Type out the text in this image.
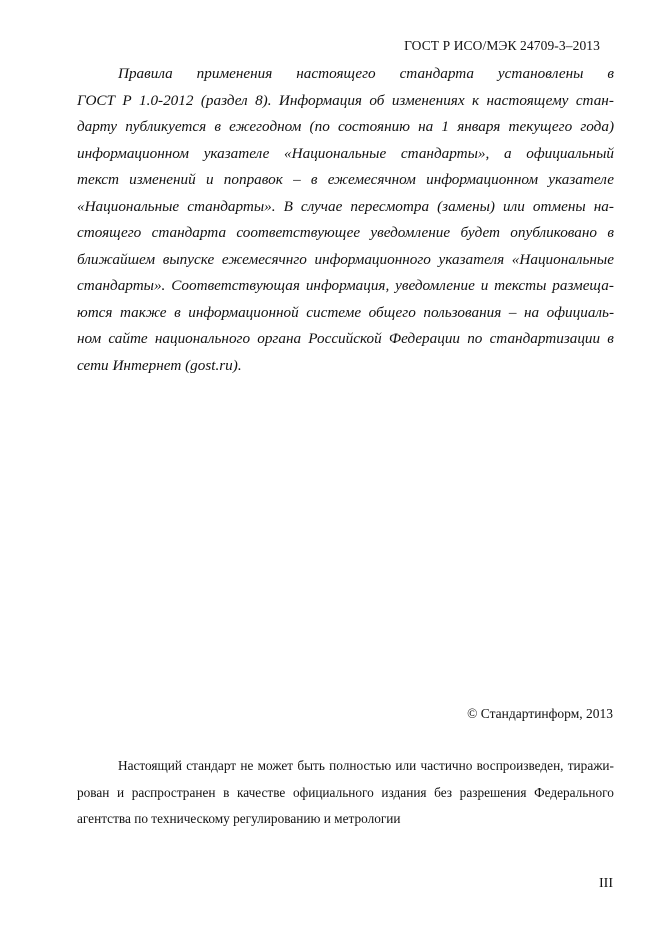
ГОСТ Р ИСО/МЭК 24709-3–2013
Правила применения настоящего стандарта установлены в
ГОСТ Р 1.0-2012 (раздел 8). Информация об изменениях к настоящему стан-
дарту публикуется в ежегодном (по состоянию на 1 января текущего года)
информационном указателе «Национальные стандарты», а официальный
текст изменений и поправок – в ежемесячном информационном указателе
«Национальные стандарты». В случае пересмотра (замены) или отмены на-
стоящего стандарта соответствующее уведомление будет опубликовано в
ближайшем выпуске ежемесячнго информационного указателя «Национальные
стандарты». Соответствующая информация, уведомление и тексты размеща-
ются также в информационной системе общего пользования – на официаль-
ном сайте национального органа Российской Федерации по стандартизации в
сети Интернет (gost.ru).
© Стандартинформ, 2013
Настоящий стандарт не может быть полностью или частично воспроизведен, тиражи-
рован и распространен в качестве официального издания без разрешения Федерального
агентства по техническому регулированию и метрологии
III
